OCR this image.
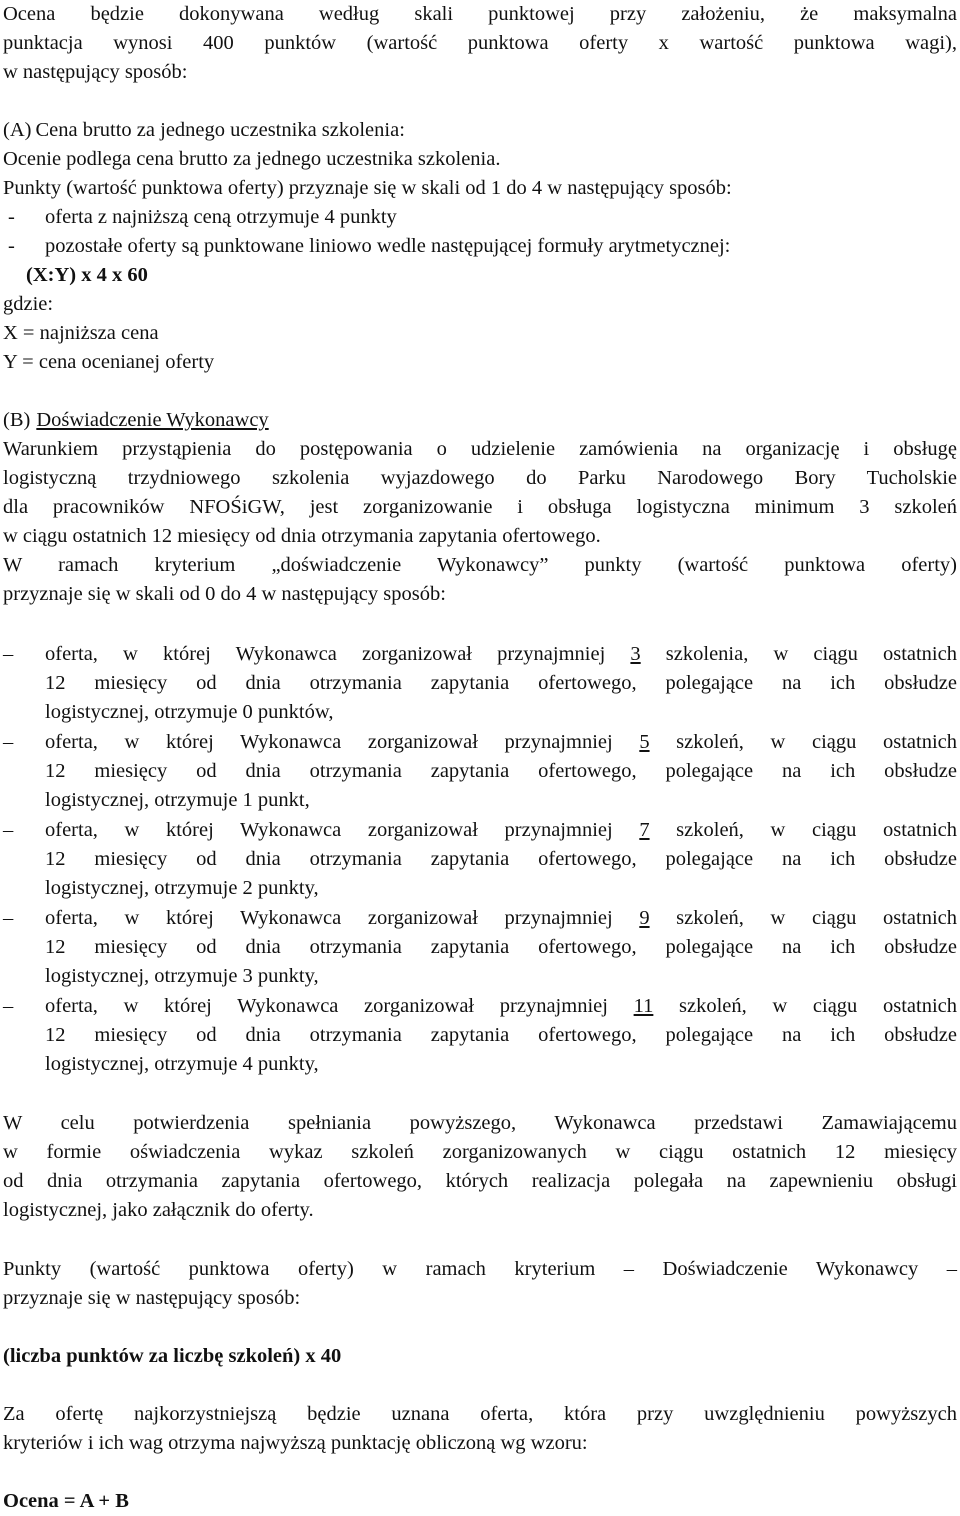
Ocena będzie dokonywana według skali punktowej przy założeniu, że maksymalna
punktacja wynosi 400 punktów (wartość punktowa oferty x wartość punktowa wagi),
w następujący sposób:
(A) Cena brutto za jednego uczestnika szkolenia:
Ocenie podlega cena brutto za jednego uczestnika szkolenia.
Punkty (wartość punktowa oferty) przyznaje się w skali od 1 do 4 w następujący sposób:
- oferta z najniższą ceną otrzymuje 4 punkty
- pozostałe oferty są punktowane liniowo wedle następującej formuły arytmetycznej:
(X:Y) x 4 x 60
gdzie:
X = najniższa cena
Y = cena ocenianej oferty
(B) Doświadczenie Wykonawcy
Warunkiem przystąpienia do postępowania o udzielenie zamówienia na organizację i obsługę
logistyczną trzydniowego szkolenia wyjazdowego do Parku Narodowego Bory Tucholskie
dla pracowników NFOŚiGW, jest zorganizowanie i obsługa logistyczna minimum 3 szkoleń
w ciągu ostatnich 12 miesięcy od dnia otrzymania zapytania ofertowego.
W ramach kryterium „doświadczenie Wykonawcy” punkty (wartość punktowa oferty)
przyznaje się w skali od 0 do 4 w następujący sposób:
– oferta, w której Wykonawca zorganizował przynajmniej 3 szkolenia, w ciągu ostatnich
12 miesięcy od dnia otrzymania zapytania ofertowego, polegające na ich obsłudze
logistycznej, otrzymuje 0 punktów,
– oferta, w której Wykonawca zorganizował przynajmniej 5 szkoleń, w ciągu ostatnich
12 miesięcy od dnia otrzymania zapytania ofertowego, polegające na ich obsłudze
logistycznej, otrzymuje 1 punkt,
– oferta, w której Wykonawca zorganizował przynajmniej 7 szkoleń, w ciągu ostatnich
12 miesięcy od dnia otrzymania zapytania ofertowego, polegające na ich obsłudze
logistycznej, otrzymuje 2 punkty,
– oferta, w której Wykonawca zorganizował przynajmniej 9 szkoleń, w ciągu ostatnich
12 miesięcy od dnia otrzymania zapytania ofertowego, polegające na ich obsłudze
logistycznej, otrzymuje 3 punkty,
– oferta, w której Wykonawca zorganizował przynajmniej 11 szkoleń, w ciągu ostatnich
12 miesięcy od dnia otrzymania zapytania ofertowego, polegające na ich obsłudze
logistycznej, otrzymuje 4 punkty,
W celu potwierdzenia spełniania powyższego, Wykonawca przedstawi Zamawiającemu
w formie oświadczenia wykaz szkoleń zorganizowanych w ciągu ostatnich 12 miesięcy
od dnia otrzymania zapytania ofertowego, których realizacja polegała na zapewnieniu obsługi
logistycznej, jako załącznik do oferty.
Punkty (wartość punktowa oferty) w ramach kryterium – Doświadczenie Wykonawcy –
przyznaje się w następujący sposób:
(liczba punktów za liczbę szkoleń) x 40
Za ofertę najkorzystniejszą będzie uznana oferta, która przy uwzględnieniu powyższych
kryteriów i ich wag otrzyma najwyższą punktację obliczoną wg wzoru:
Ocena = A + B
